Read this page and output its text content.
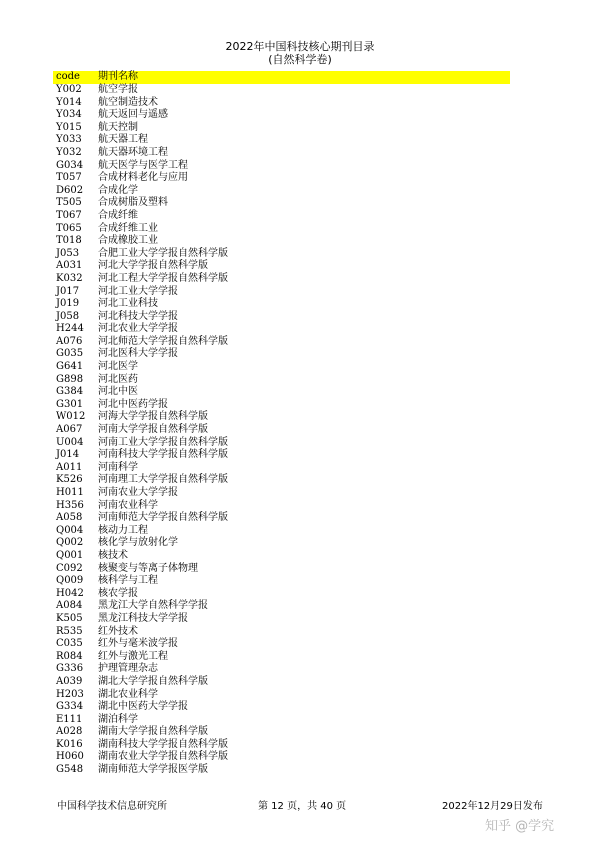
2022年中国科技核心期刊目录
(自然科学卷)
code 期刊名称
Y002 航空学报
Y014 航空制造技术
Y034 航天返回与遥感
Y015 航天控制
Y033 航天器工程
Y032 航天器环境工程
G034 航天医学与医学工程
T057 合成材料老化与应用
D602 合成化学
T505 合成树脂及塑料
T067 合成纤维
T065 合成纤维工业
T018 合成橡胶工业
J053 合肥工业大学学报自然科学版
A031 河北大学学报自然科学版
K032 河北工程大学学报自然科学版
J017 河北工业大学学报
J019 河北工业科技
J058 河北科技大学学报
H244 河北农业大学学报
A076 河北师范大学学报自然科学版
G035 河北医科大学学报
G641 河北医学
G898 河北医药
G384 河北中医
G301 河北中医药学报
W012 河海大学学报自然科学版
A067 河南大学学报自然科学版
U004 河南工业大学学报自然科学版
J014 河南科技大学学报自然科学版
A011 河南科学
K526 河南理工大学学报自然科学版
H011 河南农业大学学报
H356 河南农业科学
A058 河南师范大学学报自然科学版
Q004 核动力工程
Q002 核化学与放射化学
Q001 核技术
C092 核聚变与等离子体物理
Q009 核科学与工程
H042 核农学报
A084 黑龙江大学自然科学学报
K505 黑龙江科技大学学报
R535 红外技术
C035 红外与毫米波学报
R084 红外与激光工程
G336 护理管理杂志
A039 湖北大学学报自然科学版
H203 湖北农业科学
G334 湖北中医药大学学报
E111 湖泊科学
A028 湖南大学学报自然科学版
K016 湖南科技大学学报自然科学版
H060 湖南农业大学学报自然科学版
G548 湖南师范大学学报医学版
中国科学技术信息研究所	第 12 页，共 40 页	2022年12月29日发布
知乎 @学究
